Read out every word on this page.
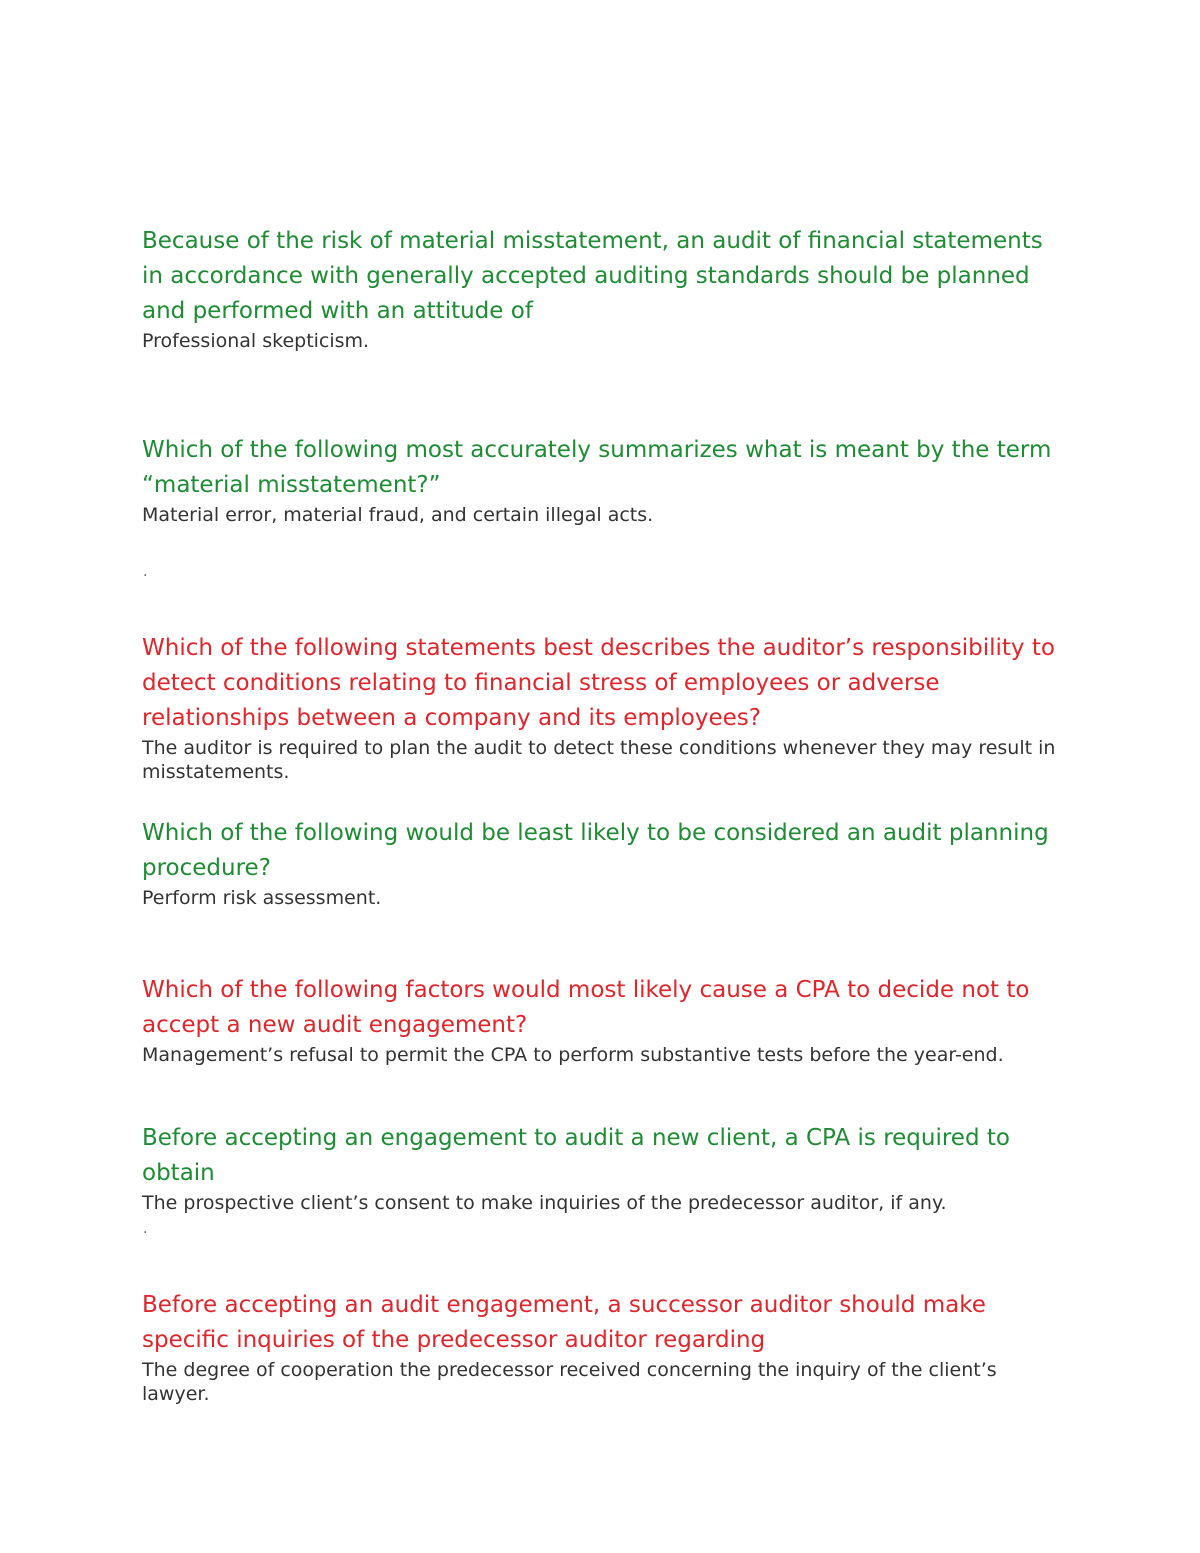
Because of the risk of material misstatement, an audit of financial statements in accordance with generally accepted auditing standards should be planned and performed with an attitude of

Professional skepticism.

Which of the following most accurately summarizes what is meant by the term “material misstatement?”

Material error, material fraud, and certain illegal acts.

.

Which of the following statements best describes the auditor’s responsibility to detect conditions relating to financial stress of employees or adverse relationships between a company and its employees?

The auditor is required to plan the audit to detect these conditions whenever they may result in misstatements.

Which of the following would be least likely to be considered an audit planning procedure?

Perform risk assessment.

Which of the following factors would most likely cause a CPA to decide not to accept a new audit engagement?

Management’s refusal to permit the CPA to perform substantive tests before the year-end.

Before accepting an engagement to audit a new client, a CPA is required to obtain

The prospective client’s consent to make inquiries of the predecessor auditor, if any.

.

Before accepting an audit engagement, a successor auditor should make specific inquiries of the predecessor auditor regarding

The degree of cooperation the predecessor received concerning the inquiry of the client’s lawyer.
